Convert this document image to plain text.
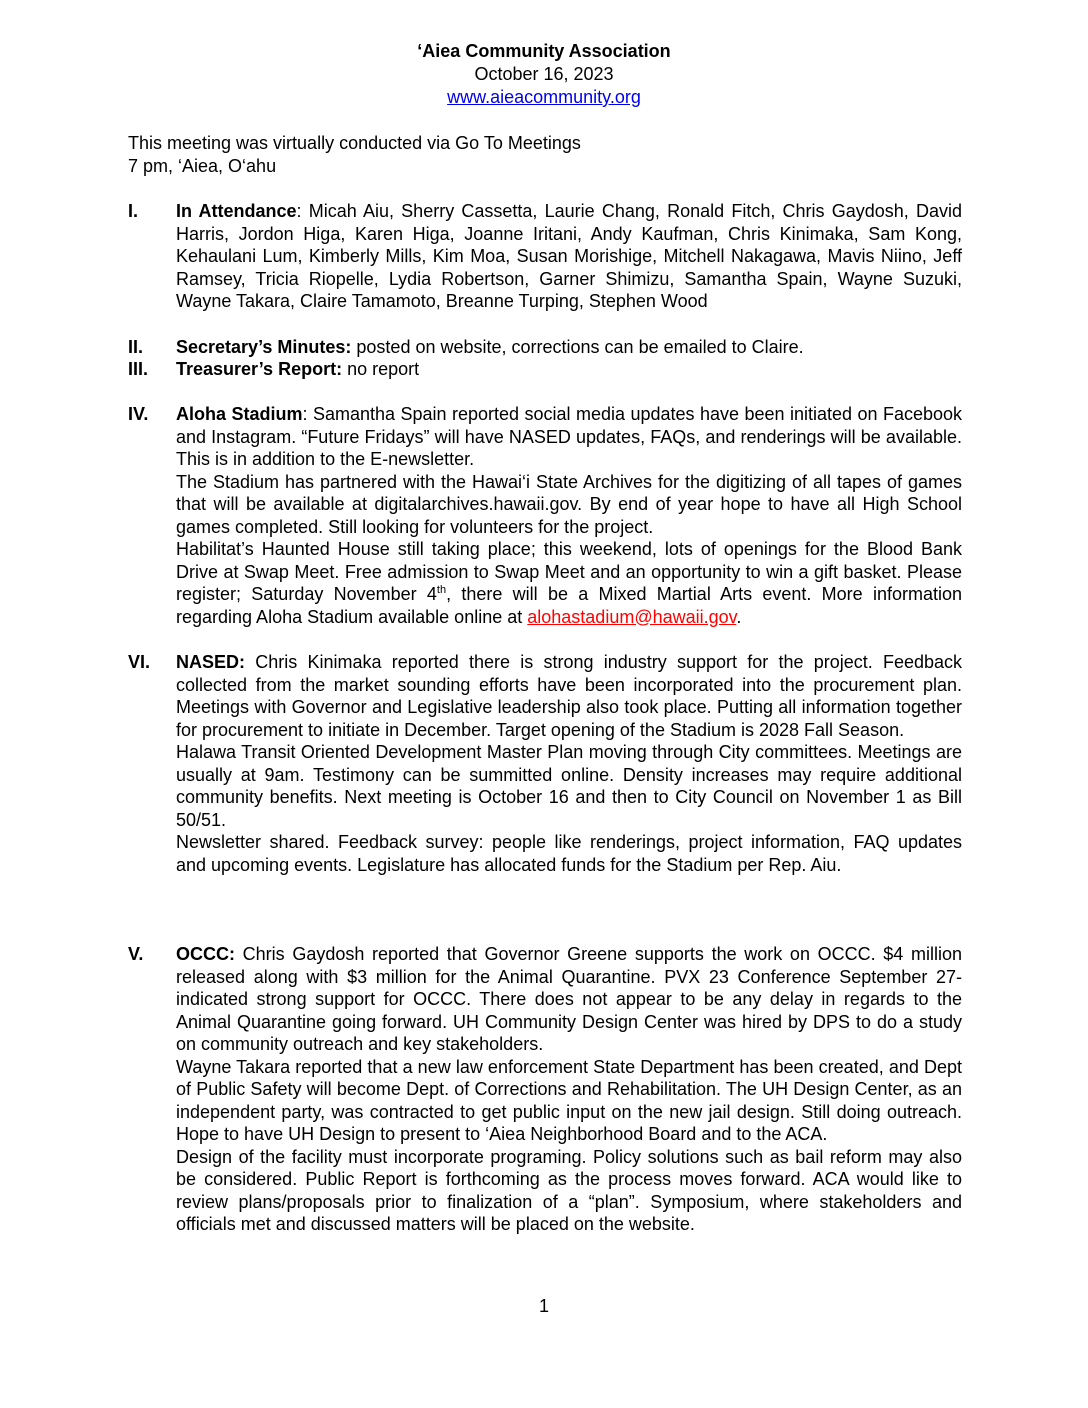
‘Aiea Community Association
October 16, 2023
www.aieacommunity.org
This meeting was virtually conducted via Go To Meetings
7 pm, ‘Aiea, O‘ahu
I.	In Attendance: Micah Aiu, Sherry Cassetta, Laurie Chang, Ronald Fitch, Chris Gaydosh, David Harris, Jordon Higa, Karen Higa, Joanne Iritani, Andy Kaufman, Chris Kinimaka, Sam Kong, Kehaulani Lum, Kimberly Mills, Kim Moa, Susan Morishige, Mitchell Nakagawa, Mavis Niino, Jeff Ramsey, Tricia Riopelle, Lydia Robertson, Garner Shimizu, Samantha Spain, Wayne Suzuki, Wayne Takara, Claire Tamamoto, Breanne Turping, Stephen Wood

II.	Secretary’s Minutes: posted on website, corrections can be emailed to Claire.

III.	Treasurer’s Report: no report

IV.	Aloha Stadium: Samantha Spain reported social media updates have been initiated on Facebook and Instagram. “Future Fridays” will have NASED updates, FAQs, and renderings will be available. This is in addition to the E-newsletter.

The Stadium has partnered with the Hawai‘i State Archives for the digitizing of all tapes of games that will be available at digitalarchives.hawaii.gov. By end of year hope to have all High School games completed. Still looking for volunteers for the project.

Habilitat’s Haunted House still taking place; this weekend, lots of openings for the Blood Bank Drive at Swap Meet. Free admission to Swap Meet and an opportunity to win a gift basket. Please register; Saturday November 4th, there will be a Mixed Martial Arts event. More information regarding Aloha Stadium available online at alohastadium@hawaii.gov.

VI.	NASED: Chris Kinimaka reported there is strong industry support for the project. Feedback collected from the market sounding efforts have been incorporated into the procurement plan. Meetings with Governor and Legislative leadership also took place. Putting all information together for procurement to initiate in December. Target opening of the Stadium is 2028 Fall Season.

Halawa Transit Oriented Development Master Plan moving through City committees. Meetings are usually at 9am. Testimony can be summitted online. Density increases may require additional community benefits. Next meeting is October 16 and then to City Council on November 1 as Bill 50/51.

Newsletter shared. Feedback survey: people like renderings, project information, FAQ updates and upcoming events. Legislature has allocated funds for the Stadium per Rep. Aiu.

V.	OCCC: Chris Gaydosh reported that Governor Greene supports the work on OCCC. $4 million released along with $3 million for the Animal Quarantine. PVX 23 Conference September 27- indicated strong support for OCCC. There does not appear to be any delay in regards to the Animal Quarantine going forward. UH Community Design Center was hired by DPS to do a study on community outreach and key stakeholders.

Wayne Takara reported that a new law enforcement State Department has been created, and Dept of Public Safety will become Dept. of Corrections and Rehabilitation. The UH Design Center, as an independent party, was contracted to get public input on the new jail design. Still doing outreach. Hope to have UH Design to present to ‘Aiea Neighborhood Board and to the ACA.

Design of the facility must incorporate programing. Policy solutions such as bail reform may also be considered. Public Report is forthcoming as the process moves forward. ACA would like to review plans/proposals prior to finalization of a “plan”. Symposium, where stakeholders and officials met and discussed matters will be placed on the website.

1
